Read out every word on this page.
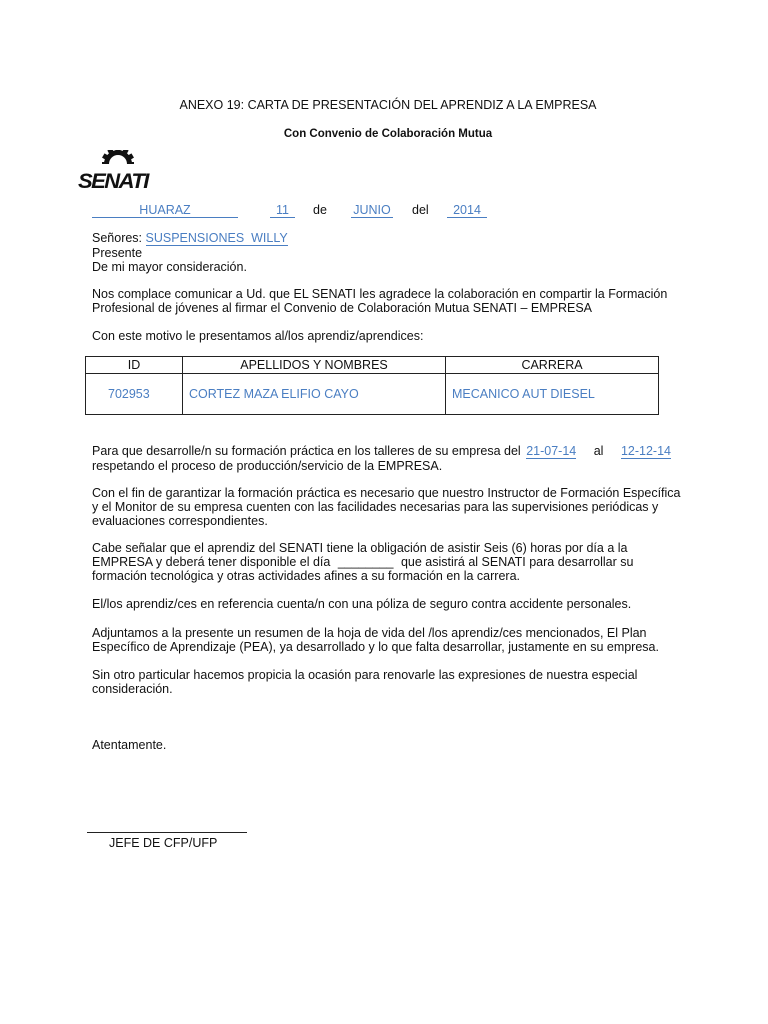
ANEXO 19: CARTA DE PRESENTACIÓN DEL APRENDIZ A LA EMPRESA
Con Convenio de Colaboración Mutua
SENATI
HUARAZ	11	de JUNIO del	2014
Señores: SUSPENSIONES  WILLY
Presente
De mi mayor consideración.

Nos complace comunicar a Ud. que EL SENATI les agradece la colaboración en compartir la Formación Profesional de jóvenes al firmar el Convenio de Colaboración Mutua SENATI – EMPRESA

Con este motivo le presentamos al/los aprendiz/aprendices:

ID	APELLIDOS Y NOMBRES	CARRERA
702953	CORTEZ MAZA ELIFIO CAYO	MECANICO AUT DIESEL
Para que desarrolle/n su formación práctica en los talleres de su empresa del 21-07-14 al 12-12-14
respetando el proceso de producción/servicio de la EMPRESA.

Con el fin de garantizar la formación práctica es necesario que nuestro Instructor de Formación Específica y el Monitor de su empresa cuenten con las facilidades necesarias para las supervisiones periódicas y evaluaciones correspondientes.

Cabe señalar que el aprendiz del SENATI tiene la obligación de asistir Seis (6) horas por día a la EMPRESA y deberá tener disponible el día ________ que asistirá al SENATI para desarrollar su formación tecnológica y otras actividades afines a su formación en la carrera.

El/los aprendiz/ces en referencia cuenta/n con una póliza de seguro contra accidente personales.

Adjuntamos a la presente un resumen de la hoja de vida del /los aprendiz/ces mencionados, El Plan Específico de Aprendizaje (PEA), ya desarrollado y lo que falta desarrollar, justamente en su empresa.

Sin otro particular hacemos propicia la ocasión para renovarle las expresiones de nuestra especial consideración.

Atentamente.
JEFE DE CFP/UFP
